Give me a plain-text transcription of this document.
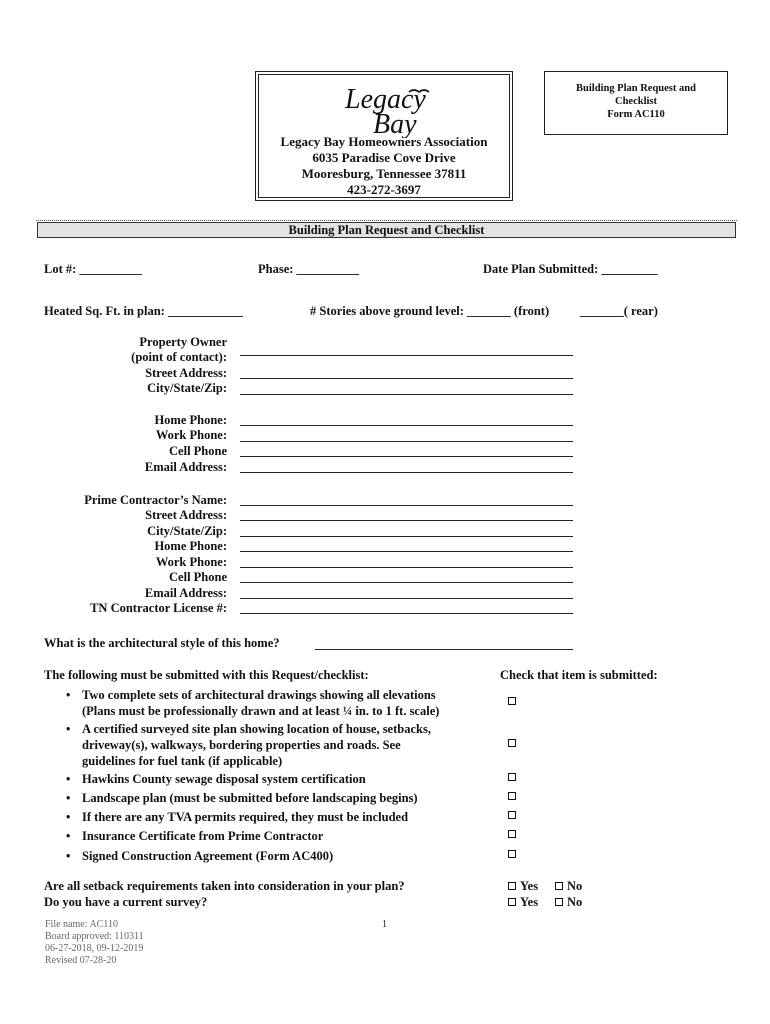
Legacy
Bay
Legacy Bay Homeowners Association
6035 Paradise Cove Drive
Mooresburg, Tennessee 37811
423-272-3697
Building Plan Request and
Checklist
Form AC110
Building Plan Request and Checklist
Lot #: __________	Phase: __________	Date Plan Submitted: _________
Heated Sq. Ft. in plan: ____________	# Stories above ground level: _______ (front) _______( rear)
Property Owner
(point of contact):
Street Address:
City/State/Zip:
Home Phone:
Work Phone:
Cell Phone
Email Address:
Prime Contractor’s Name:
Street Address:
City/State/Zip:
Home Phone:
Work Phone:
Cell Phone
Email Address:
TN Contractor License #:
What is the architectural style of this home?
The following must be submitted with this Request/checklist:	Check that item is submitted:
• Two complete sets of architectural drawings showing all elevations
(Plans must be professionally drawn and at least ¼ in. to 1 ft. scale)
• A certified surveyed site plan showing location of house, setbacks,
driveway(s), walkways, bordering properties and roads. See
guidelines for fuel tank (if applicable)
• Hawkins County sewage disposal system certification
• Landscape plan (must be submitted before landscaping begins)
• If there are any TVA permits required, they must be included
• Insurance Certificate from Prime Contractor
• Signed Construction Agreement (Form AC400)
Are all setback requirements taken into consideration in your plan?	Yes No
Do you have a current survey?	Yes No
File name: AC110
Board approved: 110311
06-27-2018, 09-12-2019
Revised 07-28-20
1
